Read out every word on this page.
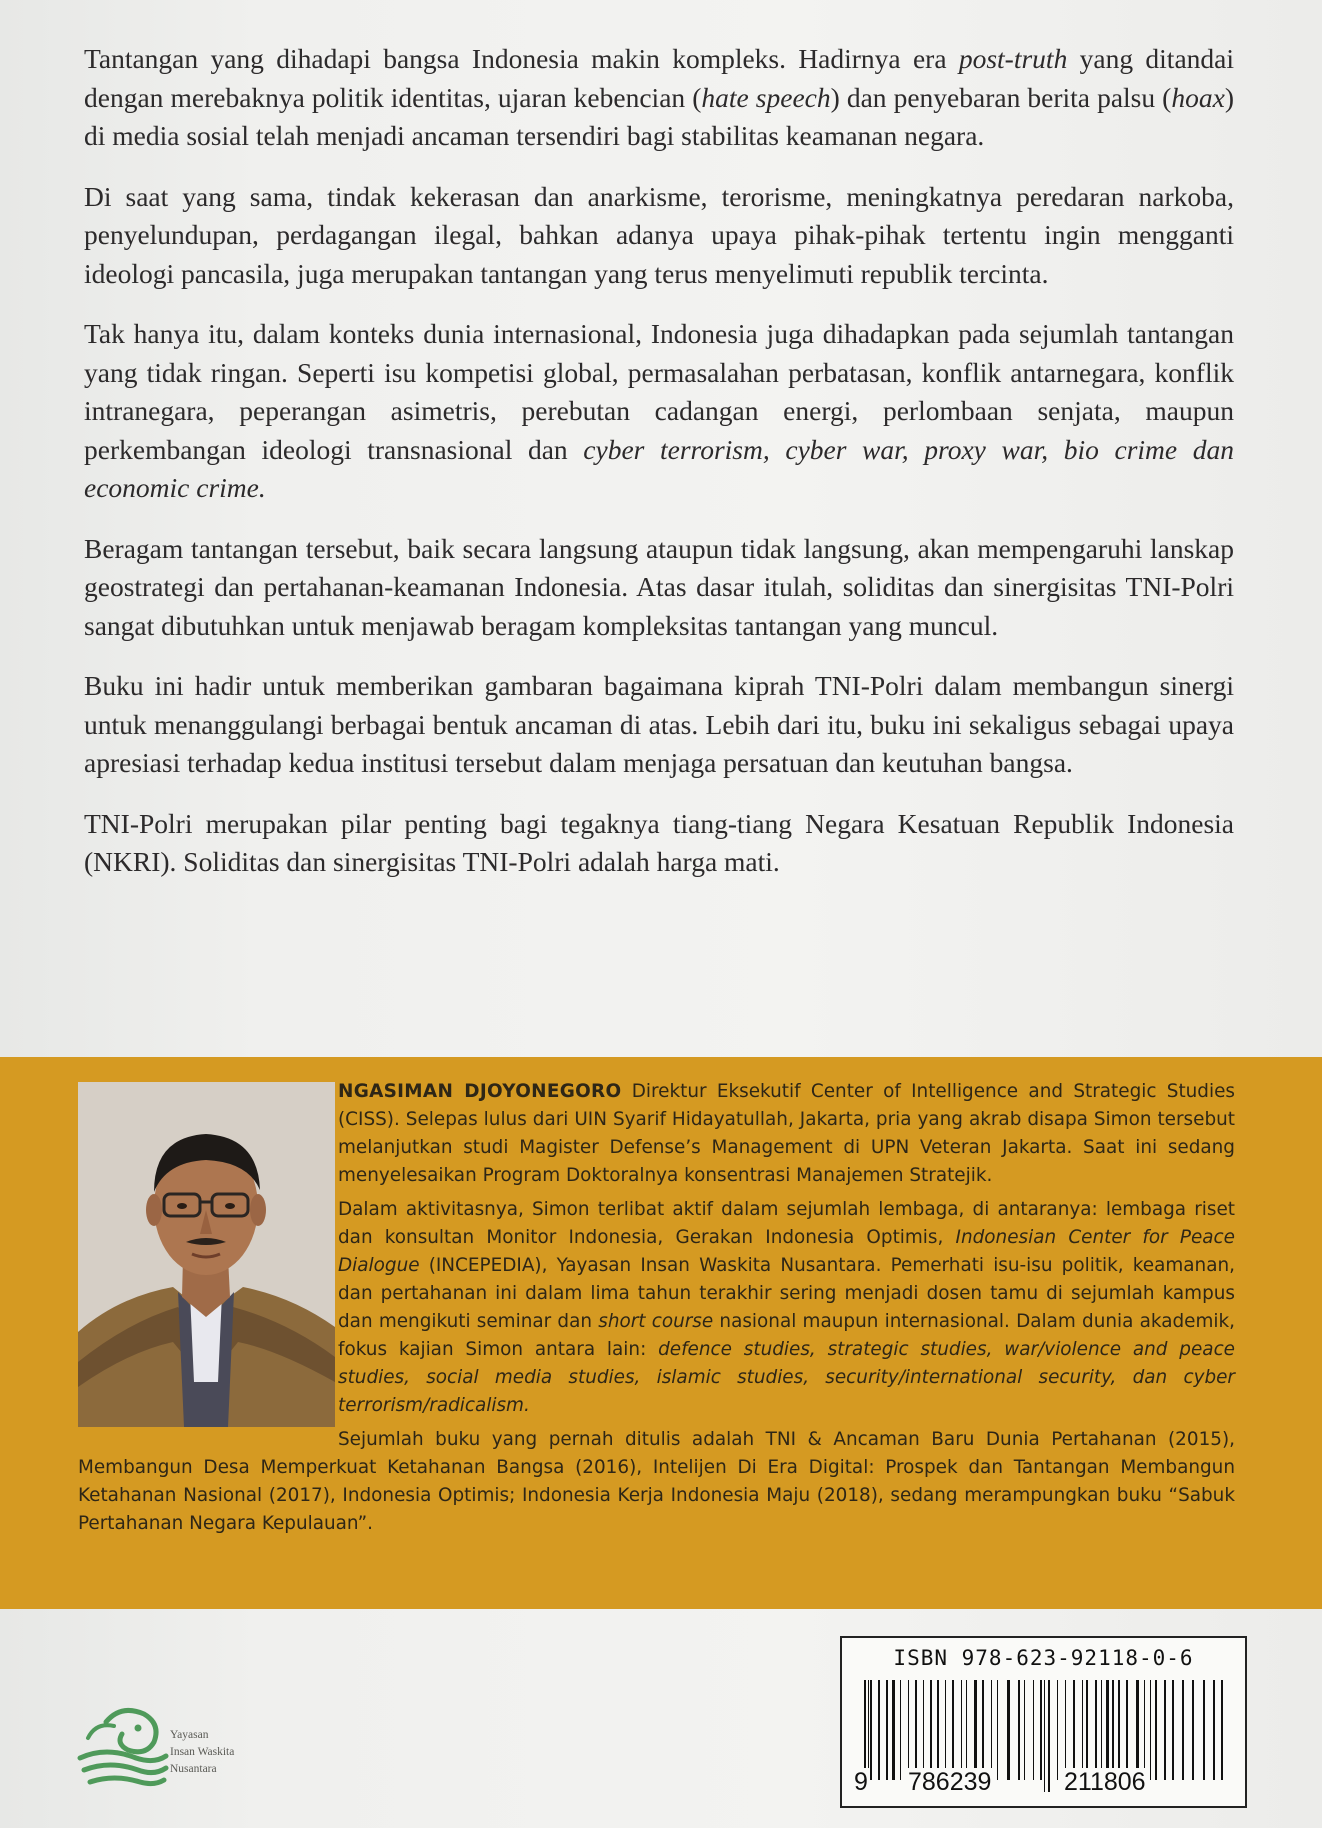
Tantangan yang dihadapi bangsa Indonesia makin kompleks. Hadirnya era post-truth yang ditandai dengan merebaknya politik identitas, ujaran kebencian (hate speech) dan penyebaran berita palsu (hoax) di media sosial telah menjadi ancaman tersendiri bagi stabilitas keamanan negara.

Di saat yang sama, tindak kekerasan dan anarkisme, terorisme, meningkatnya peredaran narkoba, penyelundupan, perdagangan ilegal, bahkan adanya upaya pihak-pihak tertentu ingin mengganti ideologi pancasila, juga merupakan tantangan yang terus menyelimuti republik tercinta.

Tak hanya itu, dalam konteks dunia internasional, Indonesia juga dihadapkan pada sejumlah tantangan yang tidak ringan. Seperti isu kompetisi global, permasalahan perbatasan, konflik antarnegara, konflik intranegara, peperangan asimetris, perebutan cadangan energi, perlombaan senjata, maupun perkembangan ideologi transnasional dan cyber terrorism, cyber war, proxy war, bio crime dan economic crime.

Beragam tantangan tersebut, baik secara langsung ataupun tidak langsung, akan mempengaruhi lanskap geostrategi dan pertahanan-keamanan Indonesia. Atas dasar itulah, soliditas dan sinergisitas TNI-Polri sangat dibutuhkan untuk menjawab beragam kompleksitas tantangan yang muncul.

Buku ini hadir untuk memberikan gambaran bagaimana kiprah TNI-Polri dalam membangun sinergi untuk menanggulangi berbagai bentuk ancaman di atas. Lebih dari itu, buku ini sekaligus sebagai upaya apresiasi terhadap kedua institusi tersebut dalam menjaga persatuan dan keutuhan bangsa.

TNI-Polri merupakan pilar penting bagi tegaknya tiang-tiang Negara Kesatuan Republik Indonesia (NKRI). Soliditas dan sinergisitas TNI-Polri adalah harga mati.

NGASIMAN DJOYONEGORO Direktur Eksekutif Center of Intelligence and Strategic Studies (CISS). Selepas lulus dari UIN Syarif Hidayatullah, Jakarta, pria yang akrab disapa Simon tersebut melanjutkan studi Magister Defense’s Management di UPN Veteran Jakarta. Saat ini sedang menyelesaikan Program Doktoralnya konsentrasi Manajemen Stratejik.

Dalam aktivitasnya, Simon terlibat aktif dalam sejumlah lembaga, di antaranya: lembaga riset dan konsultan Monitor Indonesia, Gerakan Indonesia Optimis, Indonesian Center for Peace Dialogue (INCEPEDIA), Yayasan Insan Waskita Nusantara. Pemerhati isu-isu politik, keamanan, dan pertahanan ini dalam lima tahun terakhir sering menjadi dosen tamu di sejumlah kampus dan mengikuti seminar dan short course nasional maupun internasional. Dalam dunia akademik, fokus kajian Simon antara lain: defence studies, strategic studies, war/violence and peace studies, social media studies, islamic studies, security/international security, dan cyber terrorism/radicalism.

Sejumlah buku yang pernah ditulis adalah TNI & Ancaman Baru Dunia Pertahanan (2015), Membangun Desa Memperkuat Ketahanan Bangsa (2016), Intelijen Di Era Digital: Prospek dan Tantangan Membangun Ketahanan Nasional (2017), Indonesia Optimis; Indonesia Kerja Indonesia Maju (2018), sedang merampungkan buku “Sabuk Pertahanan Negara Kepulauan”.

Yayasan
Insan Waskita
Nusantara
ISBN 978-623-92118-0-6
9 786239	211806
